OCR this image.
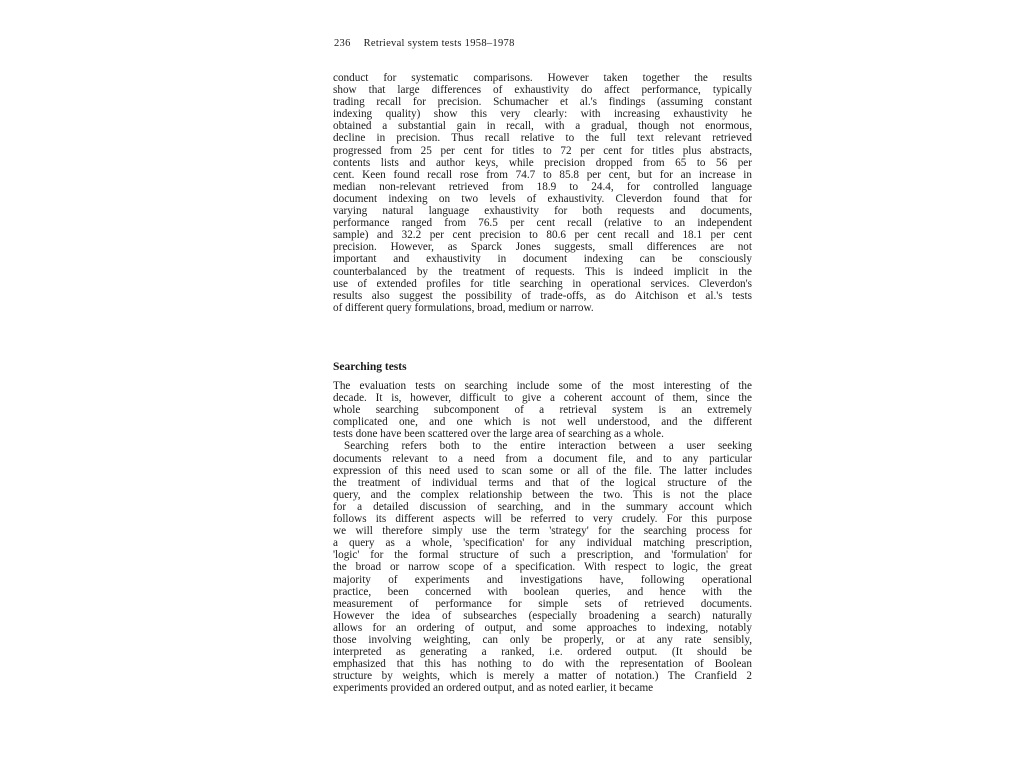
236 Retrieval system tests 1958–1978
conduct for systematic comparisons. However taken together the results
show that large differences of exhaustivity do affect performance, typically
trading recall for precision. Schumacher et al.'s findings (assuming constant
indexing quality) show this very clearly: with increasing exhaustivity he
obtained a substantial gain in recall, with a gradual, though not enormous,
decline in precision. Thus recall relative to the full text relevant retrieved
progressed from 25 per cent for titles to 72 per cent for titles plus abstracts,
contents lists and author keys, while precision dropped from 65 to 56 per
cent. Keen found recall rose from 74.7 to 85.8 per cent, but for an increase in
median non-relevant retrieved from 18.9 to 24.4, for controlled language
document indexing on two levels of exhaustivity. Cleverdon found that for
varying natural language exhaustivity for both requests and documents,
performance ranged from 76.5 per cent recall (relative to an independent
sample) and 32.2 per cent precision to 80.6 per cent recall and 18.1 per cent
precision. However, as Sparck Jones suggests, small differences are not
important and exhaustivity in document indexing can be consciously
counterbalanced by the treatment of requests. This is indeed implicit in the
use of extended profiles for title searching in operational services. Cleverdon's
results also suggest the possibility of trade-offs, as do Aitchison et al.'s tests
of different query formulations, broad, medium or narrow.
Searching tests
The evaluation tests on searching include some of the most interesting of the
decade. It is, however, difficult to give a coherent account of them, since the
whole searching subcomponent of a retrieval system is an extremely
complicated one, and one which is not well understood, and the different
tests done have been scattered over the large area of searching as a whole.
Searching refers both to the entire interaction between a user seeking
documents relevant to a need from a document file, and to any particular
expression of this need used to scan some or all of the file. The latter includes
the treatment of individual terms and that of the logical structure of the
query, and the complex relationship between the two. This is not the place
for a detailed discussion of searching, and in the summary account which
follows its different aspects will be referred to very crudely. For this purpose
we will therefore simply use the term 'strategy' for the searching process for
a query as a whole, 'specification' for any individual matching prescription,
'logic' for the formal structure of such a prescription, and 'formulation' for
the broad or narrow scope of a specification. With respect to logic, the great
majority of experiments and investigations have, following operational
practice, been concerned with boolean queries, and hence with the
measurement of performance for simple sets of retrieved documents.
However the idea of subsearches (especially broadening a search) naturally
allows for an ordering of output, and some approaches to indexing, notably
those involving weighting, can only be properly, or at any rate sensibly,
interpreted as generating a ranked, i.e. ordered output. (It should be
emphasized that this has nothing to do with the representation of Boolean
structure by weights, which is merely a matter of notation.) The Cranfield 2
experiments provided an ordered output, and as noted earlier, it became
